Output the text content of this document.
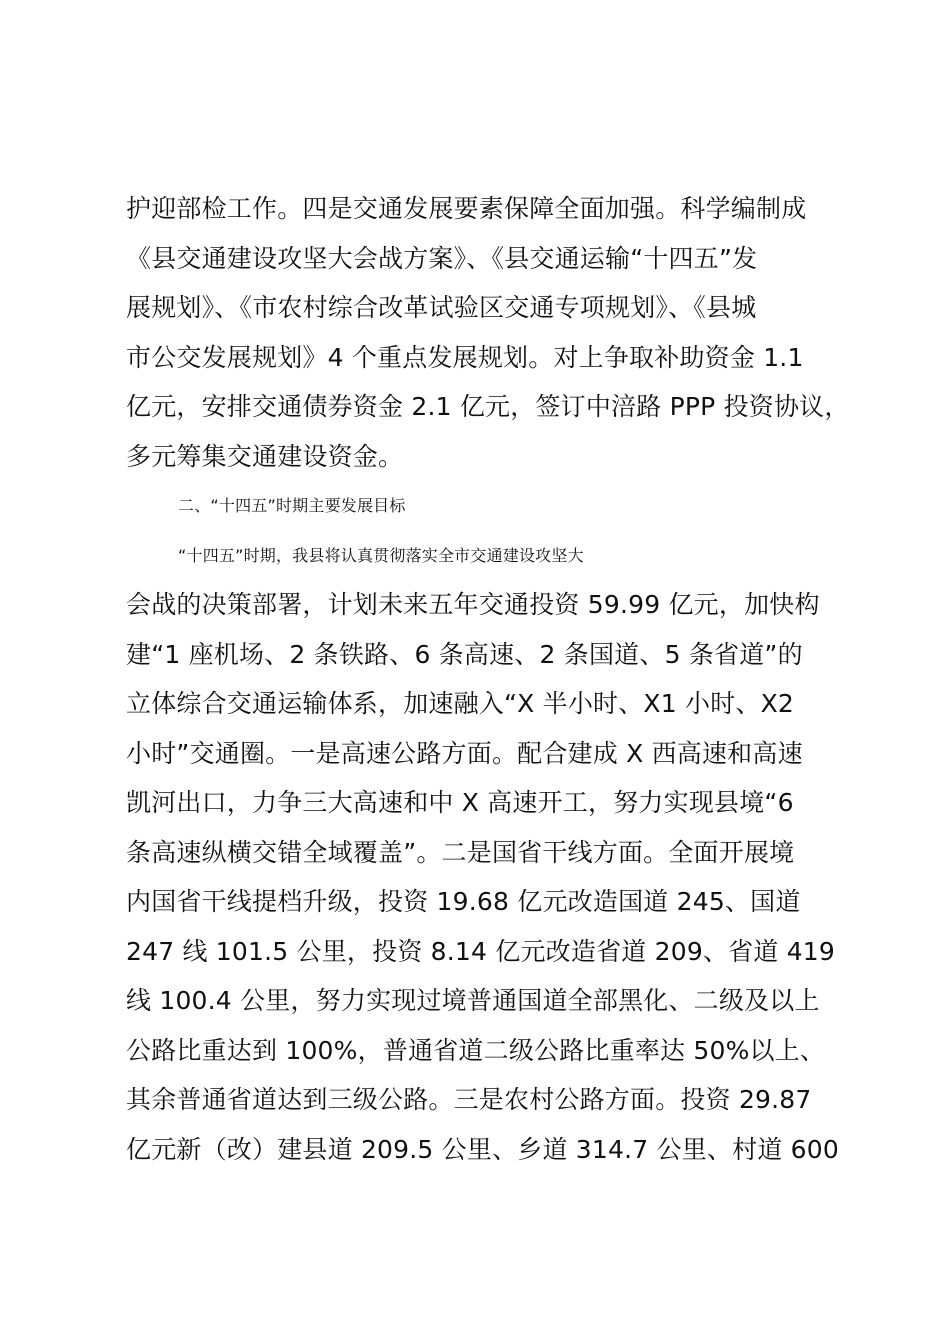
护迎部检工作。四是交通发展要素保障全面加强。科学编制成
《县交通建设攻坚大会战方案》、《县交通运输“十四五”发
展规划》、《市农村综合改革试验区交通专项规划》、《县城
市公交发展规划》4 个重点发展规划。对上争取补助资金 1.1
亿元，安排交通债券资金 2.1 亿元，签订中涪路 PPP 投资协议，
多元筹集交通建设资金。
二、“十四五”时期主要发展目标
“十四五”时期，我县将认真贯彻落实全市交通建设攻坚大
会战的决策部署，计划未来五年交通投资 59.99 亿元，加快构
建“1 座机场、2 条铁路、6 条高速、2 条国道、5 条省道”的
立体综合交通运输体系，加速融入“X 半小时、X1 小时、X2
小时”交通圈。一是高速公路方面。配合建成 X 西高速和高速
凯河出口，力争三大高速和中 X 高速开工，努力实现县境“6
条高速纵横交错全域覆盖”。二是国省干线方面。全面开展境
内国省干线提档升级，投资 19.68 亿元改造国道 245、国道
247 线 101.5 公里，投资 8.14 亿元改造省道 209、省道 419
线 100.4 公里，努力实现过境普通国道全部黑化、二级及以上
公路比重达到 100%，普通省道二级公路比重率达 50%以上、
其余普通省道达到三级公路。三是农村公路方面。投资 29.87
亿元新（改）建县道 209.5 公里、乡道 314.7 公里、村道 600
